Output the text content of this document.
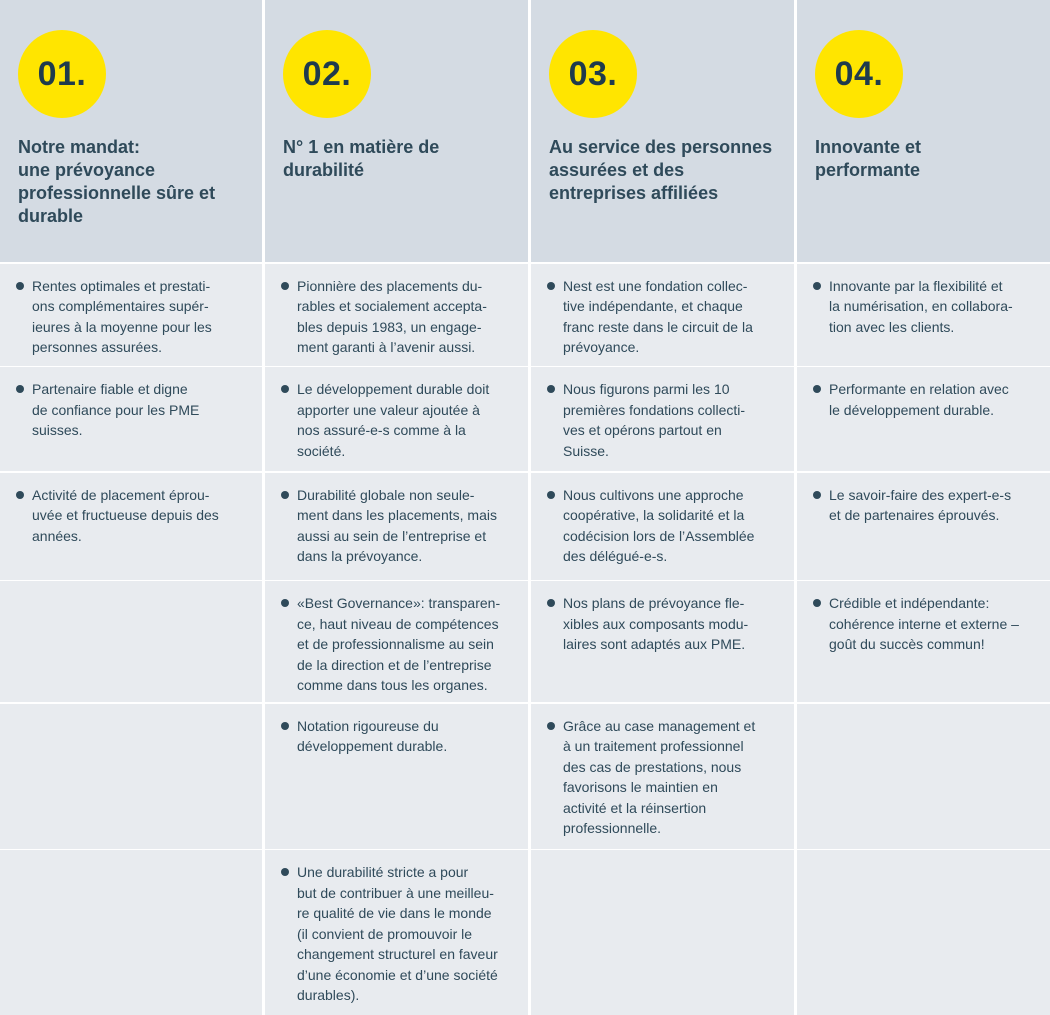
01.
Notre mandat:
une prévoyance
professionnelle sûre et
durable
02.
N° 1 en matière de
durabilité
03.
Au service des personnes
assurées et des
entreprises affiliées
04.
Innovante et
performante
Rentes optimales et prestati-
ons complémentaires supér-
ieures à la moyenne pour les
personnes assurées.
Pionnière des placements du-
rables et socialement accepta-
bles depuis 1983, un engage-
ment garanti à l’avenir aussi.
Nest est une fondation collec-
tive indépendante, et chaque
franc reste dans le circuit de la
prévoyance.
Innovante par la flexibilité et
la numérisation, en collabora-
tion avec les clients.
Partenaire fiable et digne
de confiance pour les PME
suisses.
Le développement durable doit
apporter une valeur ajoutée à
nos assuré-e-s comme à la
société.
Nous figurons parmi les 10
premières fondations collecti-
ves et opérons partout en
Suisse.
Performante en relation avec
le développement durable.
Activité de placement éprou-
uvée et fructueuse depuis des
années.
Durabilité globale non seule-
ment dans les placements, mais
aussi au sein de l’entreprise et
dans la prévoyance.
Nous cultivons une approche
coopérative, la solidarité et la
codécision lors de l’Assemblée
des délégué-e-s.
Le savoir-faire des expert-e-s
et de partenaires éprouvés.
«Best Governance»: transparen-
ce, haut niveau de compétences
et de professionnalisme au sein
de la direction et de l’entreprise
comme dans tous les organes.
Nos plans de prévoyance fle-
xibles aux composants modu-
laires sont adaptés aux PME.
Crédible et indépendante:
cohérence interne et externe –
goût du succès commun!
Notation rigoureuse du
développement durable.
Grâce au case management et
à un traitement professionnel
des cas de prestations, nous
favorisons le maintien en
activité et la réinsertion
professionnelle.
Une durabilité stricte a pour
but de contribuer à une meilleu-
re qualité de vie dans le monde
(il convient de promouvoir le
changement structurel en faveur
d’une économie et d’une société
durables).
